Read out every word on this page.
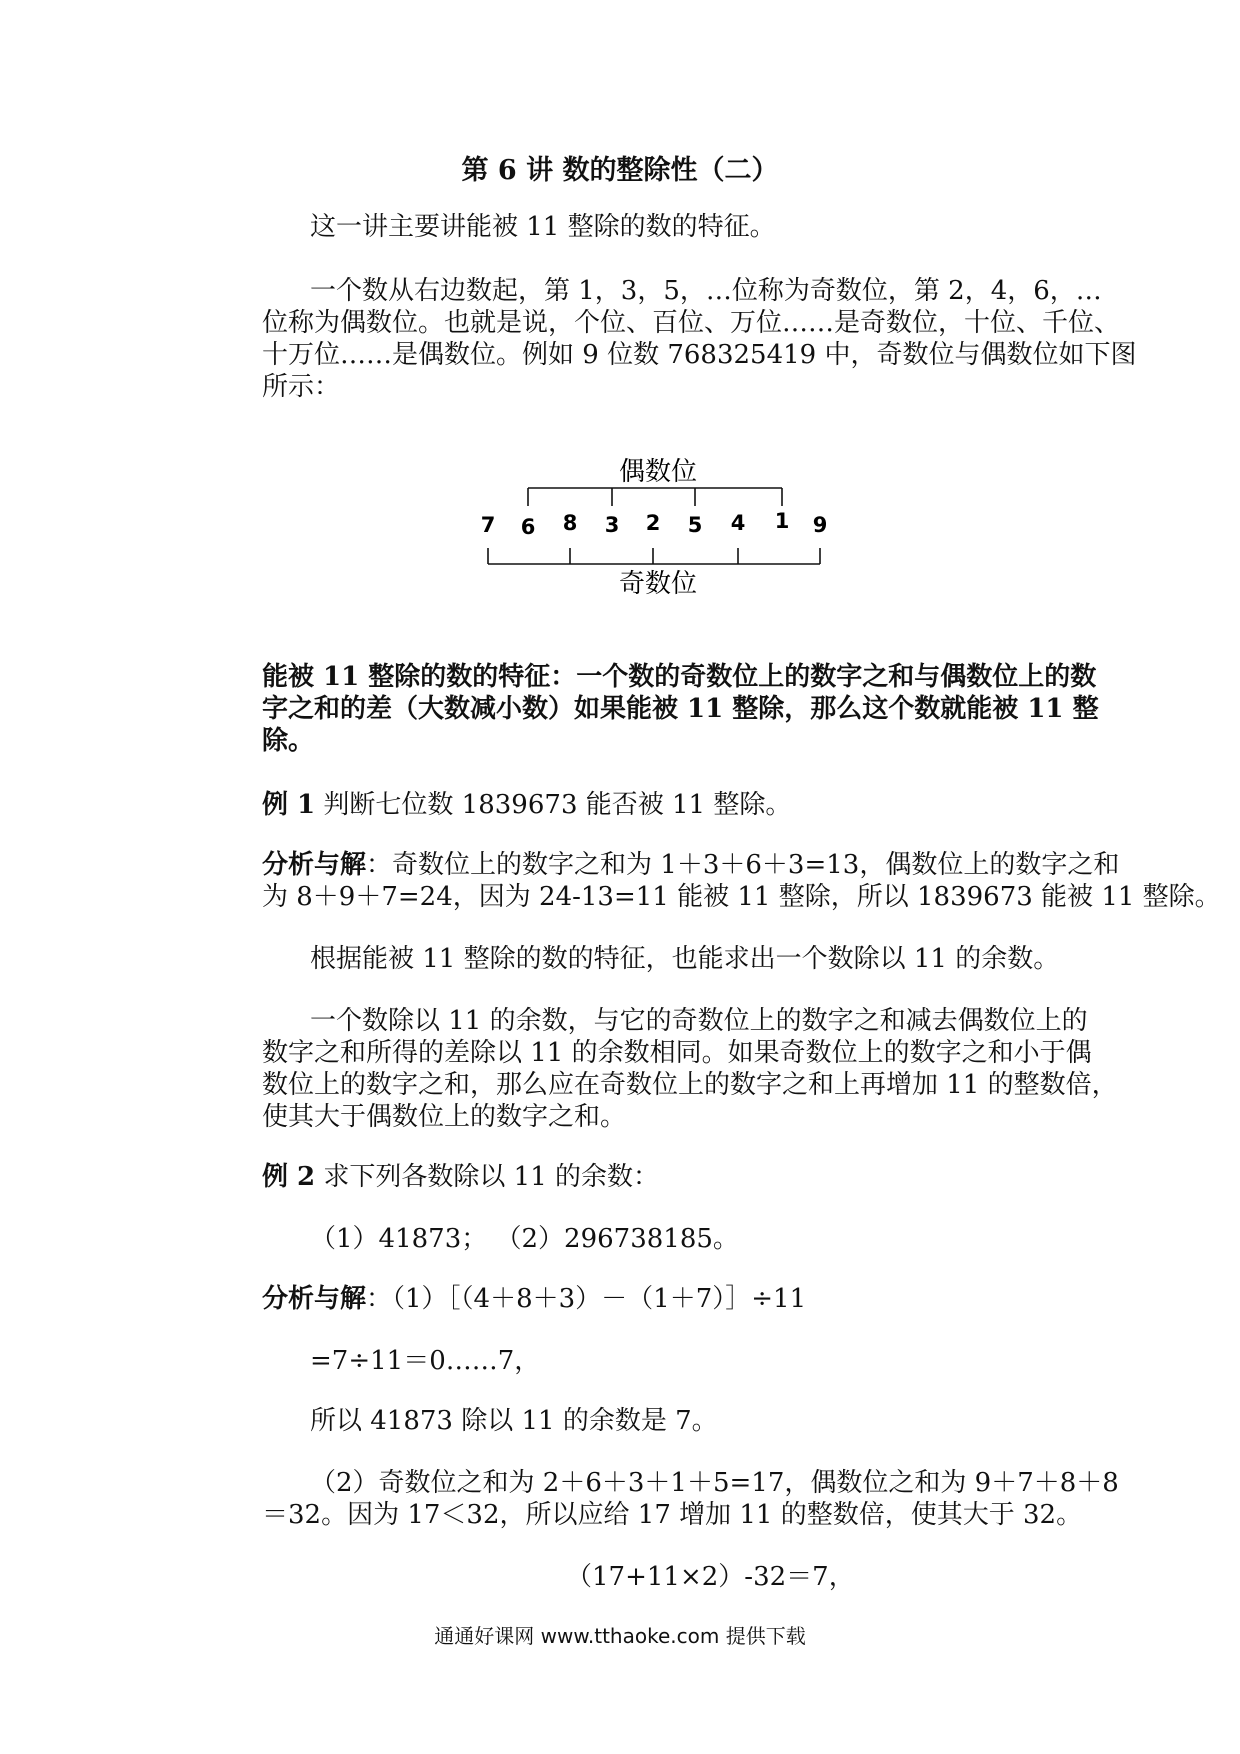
第 6 讲 数的整除性（二）
这一讲主要讲能被 11 整除的数的特征。
一个数从右边数起，第 1，3，5，…位称为奇数位，第 2，4，6，…
位称为偶数位。也就是说，个位、百位、万位……是奇数位，十位、千位、
十万位……是偶数位。例如 9 位数 768325419 中，奇数位与偶数位如下图
所示：
偶数位
7 6 8 3 2 5 4 1 9
奇数位
能被 11 整除的数的特征：一个数的奇数位上的数字之和与偶数位上的数
字之和的差（大数减小数）如果能被 11 整除，那么这个数就能被 11 整
除。
例 1 判断七位数 1839673 能否被 11 整除。
分析与解：奇数位上的数字之和为 1＋3＋6＋3=13，偶数位上的数字之和
为 8＋9＋7=24，因为 24-13=11 能被 11 整除，所以 1839673 能被 11 整除。
根据能被 11 整除的数的特征，也能求出一个数除以 11 的余数。
一个数除以 11 的余数，与它的奇数位上的数字之和减去偶数位上的
数字之和所得的差除以 11 的余数相同。如果奇数位上的数字之和小于偶
数位上的数字之和，那么应在奇数位上的数字之和上再增加 11 的整数倍，
使其大于偶数位上的数字之和。
例 2 求下列各数除以 11 的余数：
（1）41873； （2）296738185。
分析与解：（1）［（4＋8＋3）－（1＋7）］÷11
=7÷11＝0……7，
所以 41873 除以 11 的余数是 7。
（2）奇数位之和为 2＋6＋3＋1＋5=17，偶数位之和为 9＋7＋8＋8
＝32。因为 17＜32，所以应给 17 增加 11 的整数倍，使其大于 32。
（17+11×2）-32＝7，
通通好课网 www.tthaoke.com 提供下载
